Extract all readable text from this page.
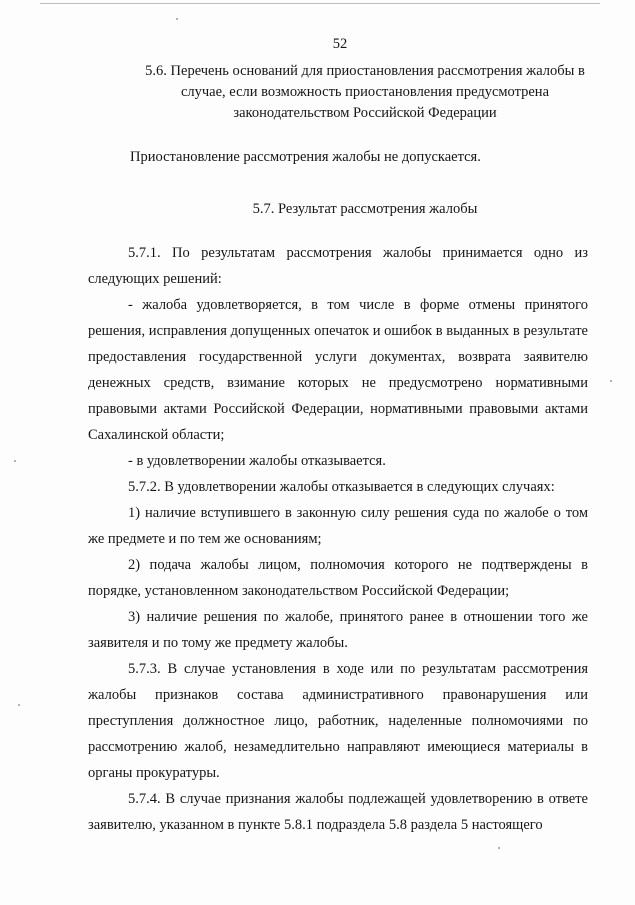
52
5.6. Перечень оснований для приостановления рассмотрения жалобы в случае, если возможность приостановления предусмотрена законодательством Российской Федерации
Приостановление рассмотрения жалобы не допускается.
5.7. Результат рассмотрения жалобы

5.7.1. По результатам рассмотрения жалобы принимается одно из следующих решений:

- жалоба удовлетворяется, в том числе в форме отмены принятого решения, исправления допущенных опечаток и ошибок в выданных в результате предоставления государственной услуги документах, возврата заявителю денежных средств, взимание которых не предусмотрено нормативными правовыми актами Российской Федерации, нормативными правовыми актами Сахалинской области;

- в удовлетворении жалобы отказывается.

5.7.2. В удовлетворении жалобы отказывается в следующих случаях:

1) наличие вступившего в законную силу решения суда по жалобе о том же предмете и по тем же основаниям;

2) подача жалобы лицом, полномочия которого не подтверждены в порядке, установленном законодательством Российской Федерации;

3) наличие решения по жалобе, принятого ранее в отношении того же заявителя и по тому же предмету жалобы.

5.7.3. В случае установления в ходе или по результатам рассмотрения жалобы признаков состава административного правонарушения или преступления должностное лицо, работник, наделенные полномочиями по рассмотрению жалоб, незамедлительно направляют имеющиеся материалы в органы прокуратуры.

5.7.4. В случае признания жалобы подлежащей удовлетворению в ответе заявителю, указанном в пункте 5.8.1 подраздела 5.8 раздела 5 настоящего
